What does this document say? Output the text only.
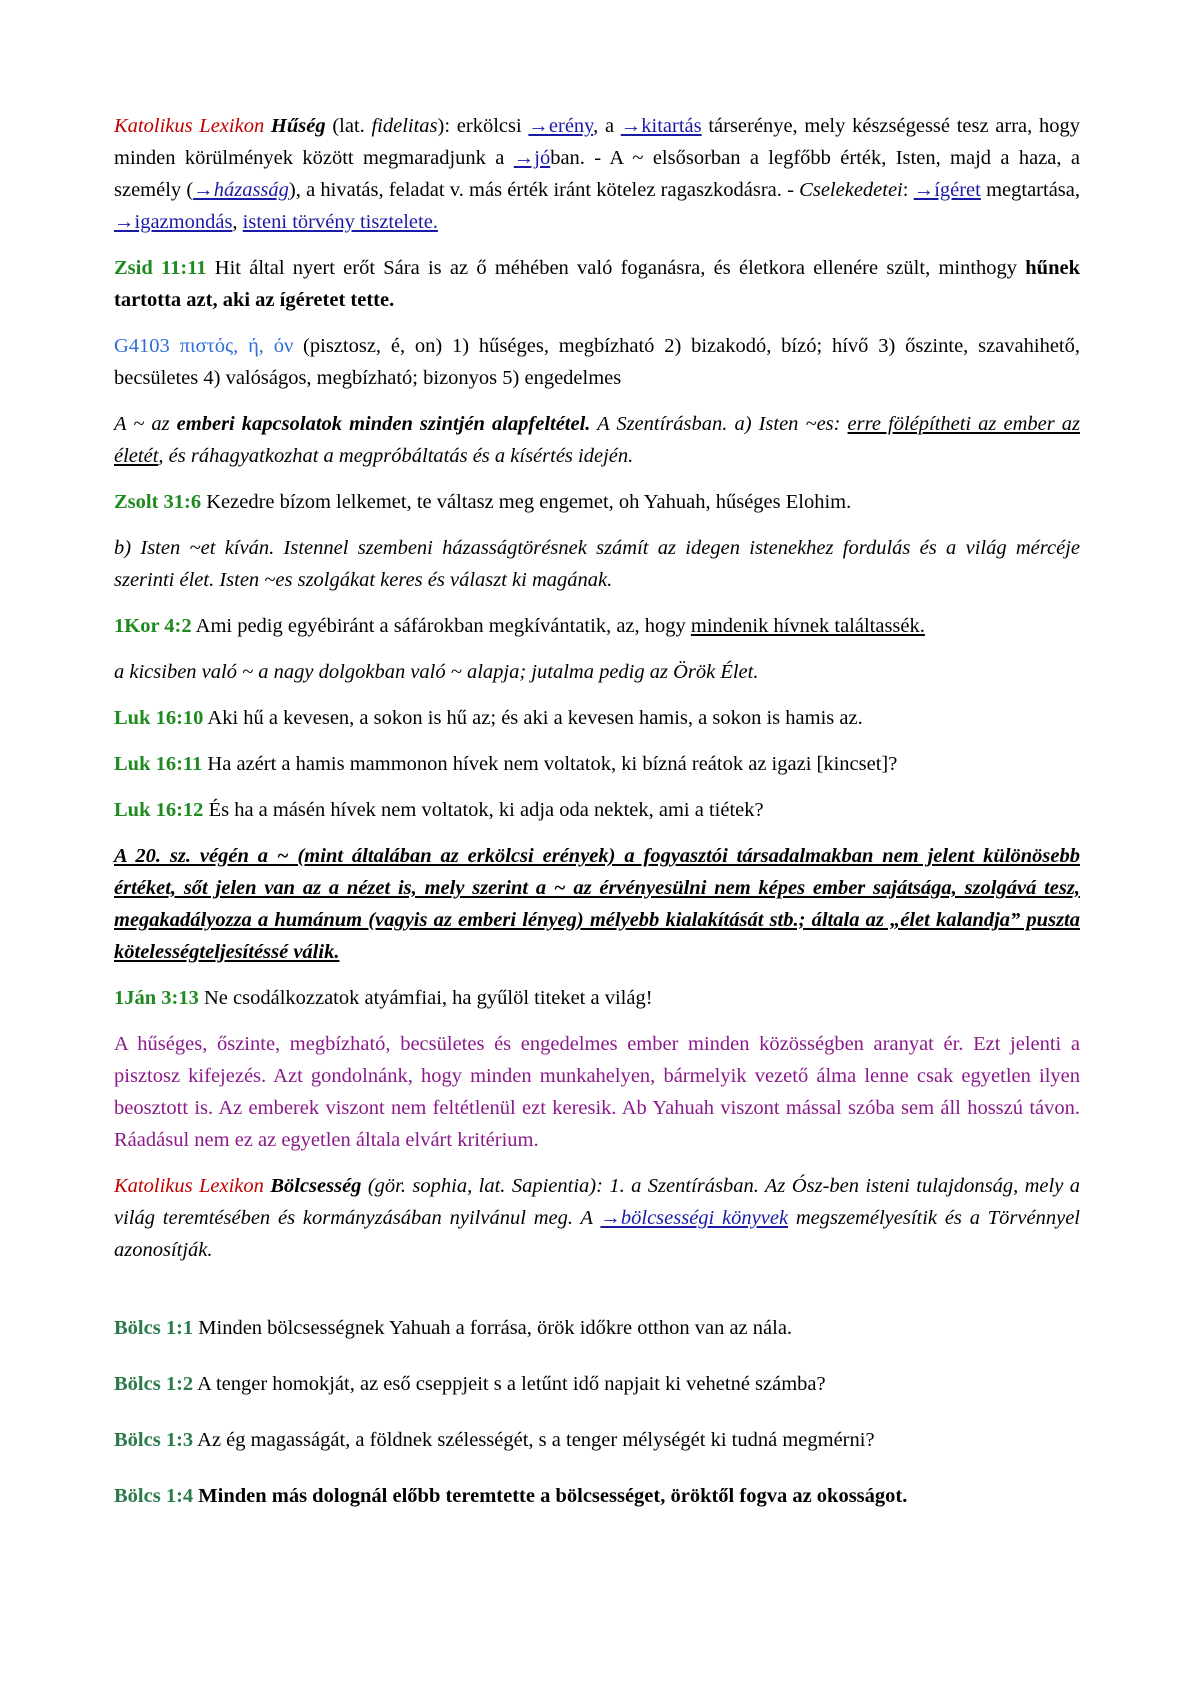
Katolikus Lexikon Hűség (lat. fidelitas): erkölcsi →erény, a →kitartás társerénye, mely készségessé tesz arra, hogy minden körülmények között megmaradjunk a →jóban. - A ~ elsősorban a legfőbb érték, Isten, majd a haza, a személy (→házasság), a hivatás, feladat v. más érték iránt kötelez ragaszkodásra. - Cselekedetei: →ígéret megtartása, →igazmondás, isteni törvény tisztelete.

Zsid 11:11 Hit által nyert erőt Sára is az ő méhében való foganásra, és életkora ellenére szült, minthogy hűnek tartotta azt, aki az ígéretet tette.

G4103 πιστός, ή, όν (pisztosz, é, on) 1) hűséges, megbízható 2) bizakodó, bízó; hívő 3) őszinte, szavahihető, becsületes 4) valóságos, megbízható; bizonyos 5) engedelmes

A ~ az emberi kapcsolatok minden szintjén alapfeltétel. A Szentírásban. a) Isten ~es: erre fölépítheti az ember az életét, és ráhagyatkozhat a megpróbáltatás és a kísértés idején.

Zsolt 31:6 Kezedre bízom lelkemet, te váltasz meg engemet, oh Yahuah, hűséges Elohim.

b) Isten ~et kíván. Istennel szembeni házasságtörésnek számít az idegen istenekhez fordulás és a világ mércéje szerinti élet. Isten ~es szolgákat keres és választ ki magának.

1Kor 4:2 Ami pedig egyébiránt a sáfárokban megkívántatik, az, hogy mindenik hívnek találtassék.

a kicsiben való ~ a nagy dolgokban való ~ alapja; jutalma pedig az Örök Élet.

Luk 16:10 Aki hű a kevesen, a sokon is hű az; és aki a kevesen hamis, a sokon is hamis az.

Luk 16:11 Ha azért a hamis mammonon hívek nem voltatok, ki bízná reátok az igazi [kincset]?

Luk 16:12 És ha a másén hívek nem voltatok, ki adja oda nektek, ami a tiétek?

A 20. sz. végén a ~ (mint általában az erkölcsi erények) a fogyasztói társadalmakban nem jelent különösebb értéket, sőt jelen van az a nézet is, mely szerint a ~ az érvényesülni nem képes ember sajátsága, szolgává tesz, megakadályozza a humánum (vagyis az emberi lényeg) mélyebb kialakítását stb.; általa az „élet kalandja” puszta kötelességteljesítéssé válik.

1Ján 3:13 Ne csodálkozzatok atyámfiai, ha gyűlöl titeket a világ!

A hűséges, őszinte, megbízható, becsületes és engedelmes ember minden közösségben aranyat ér. Ezt jelenti a pisztosz kifejezés. Azt gondolnánk, hogy minden munkahelyen, bármelyik vezető álma lenne csak egyetlen ilyen beosztott is. Az emberek viszont nem feltétlenül ezt keresik. Ab Yahuah viszont mással szóba sem áll hosszú távon. Ráadásul nem ez az egyetlen általa elvárt kritérium.

Katolikus Lexikon Bölcsesség (gör. sophia, lat. Sapientia): 1. a Szentírásban. Az Ósz-ben isteni tulajdonság, mely a világ teremtésében és kormányzásában nyilvánul meg. A →bölcsességi könyvek megszemélyesítik és a Törvénnyel azonosítják.

Bölcs 1:1 Minden bölcsességnek Yahuah a forrása, örök időkre otthon van az nála.

Bölcs 1:2 A tenger homokját, az eső cseppjeit s a letűnt idő napjait ki vehetné számba?

Bölcs 1:3 Az ég magasságát, a földnek szélességét, s a tenger mélységét ki tudná megmérni?

Bölcs 1:4 Minden más dolognál előbb teremtette a bölcsességet, öröktől fogva az okosságot.
